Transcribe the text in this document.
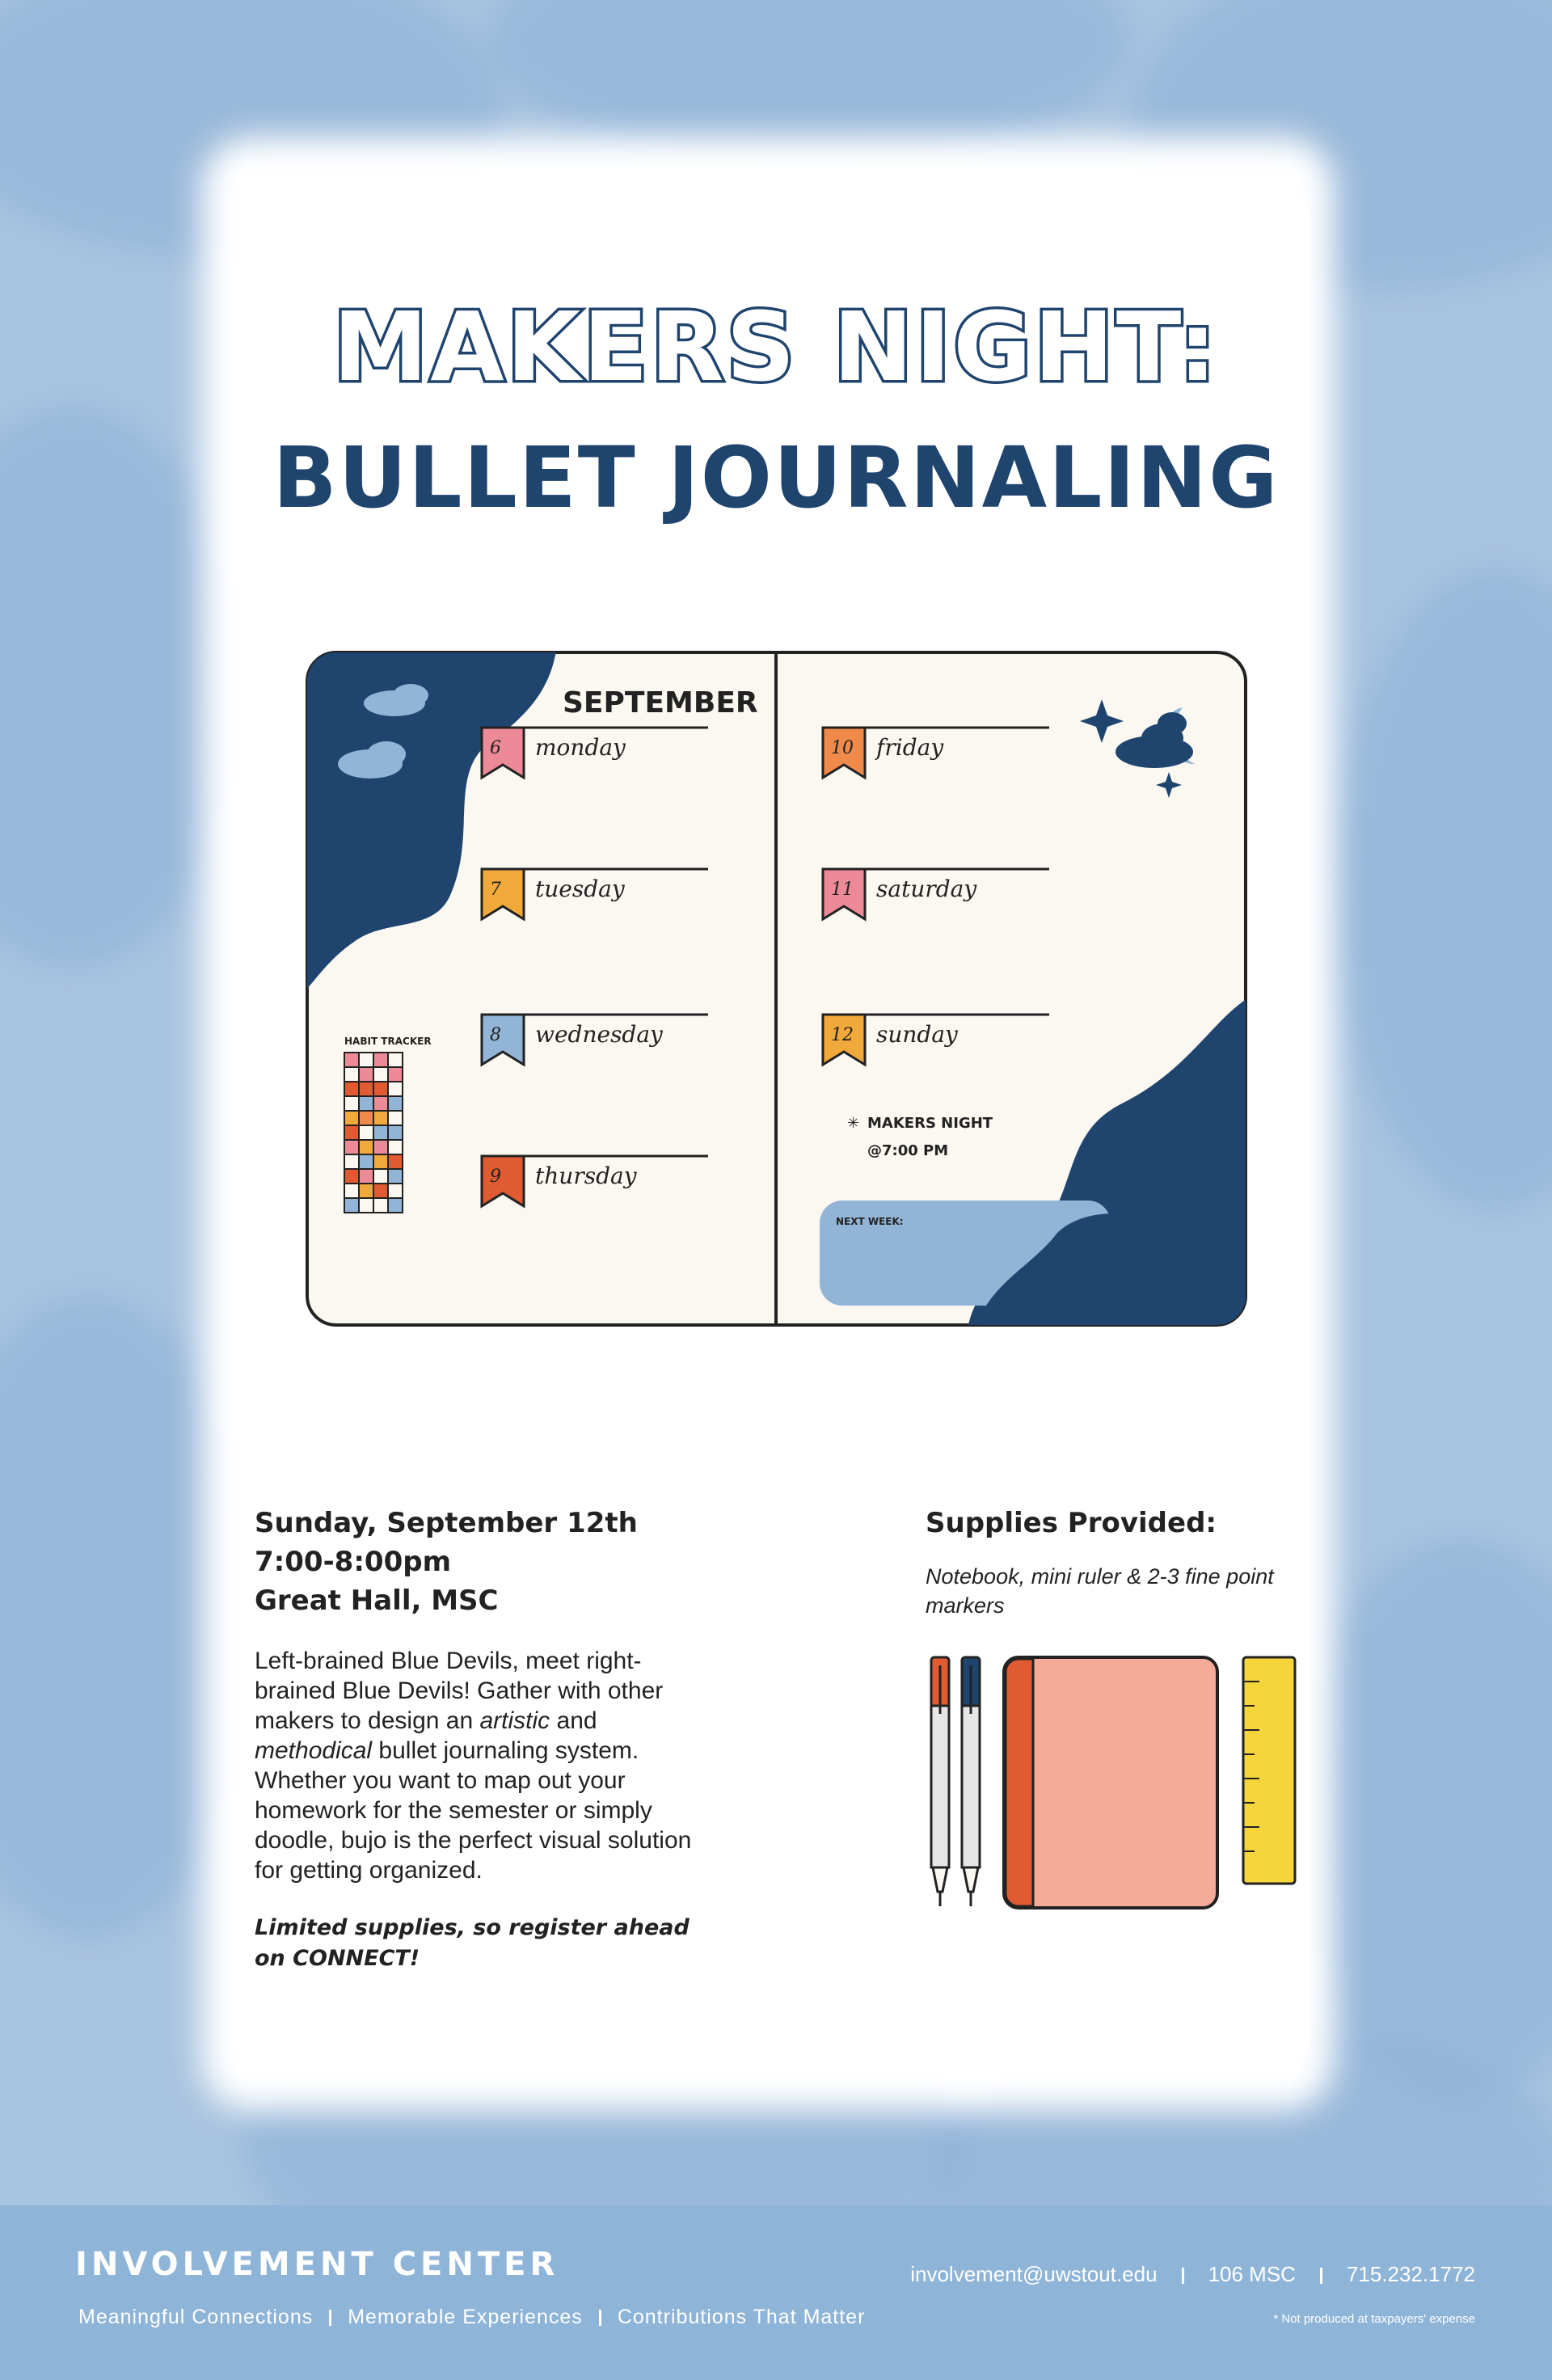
MAKERS NIGHT:
BULLET JOURNALING
SEPTEMBER
HABIT TRACKER
6 monday
7 tuesday
8 wednesday
9 thursday
10 friday
11 saturday
12 sunday
✳ MAKERS NIGHT
@7:00 PM
NEXT WEEK:
Sunday, September 12th
7:00-8:00pm
Great Hall, MSC
Left-brained Blue Devils, meet right-brained Blue Devils! Gather with other makers to design an artistic and methodical bullet journaling system. Whether you want to map out your homework for the semester or simply doodle, bujo is the perfect visual solution for getting organized.
Limited supplies, so register ahead on CONNECT!
Supplies Provided:
Notebook, mini ruler & 2-3 fine point markers
INVOLVEMENT CENTER
Meaningful Connections Memorable Experiences Contributions That Matter
involvement@uwstout.edu 106 MSC 715.232.1772
* Not produced at taxpayers' expense
